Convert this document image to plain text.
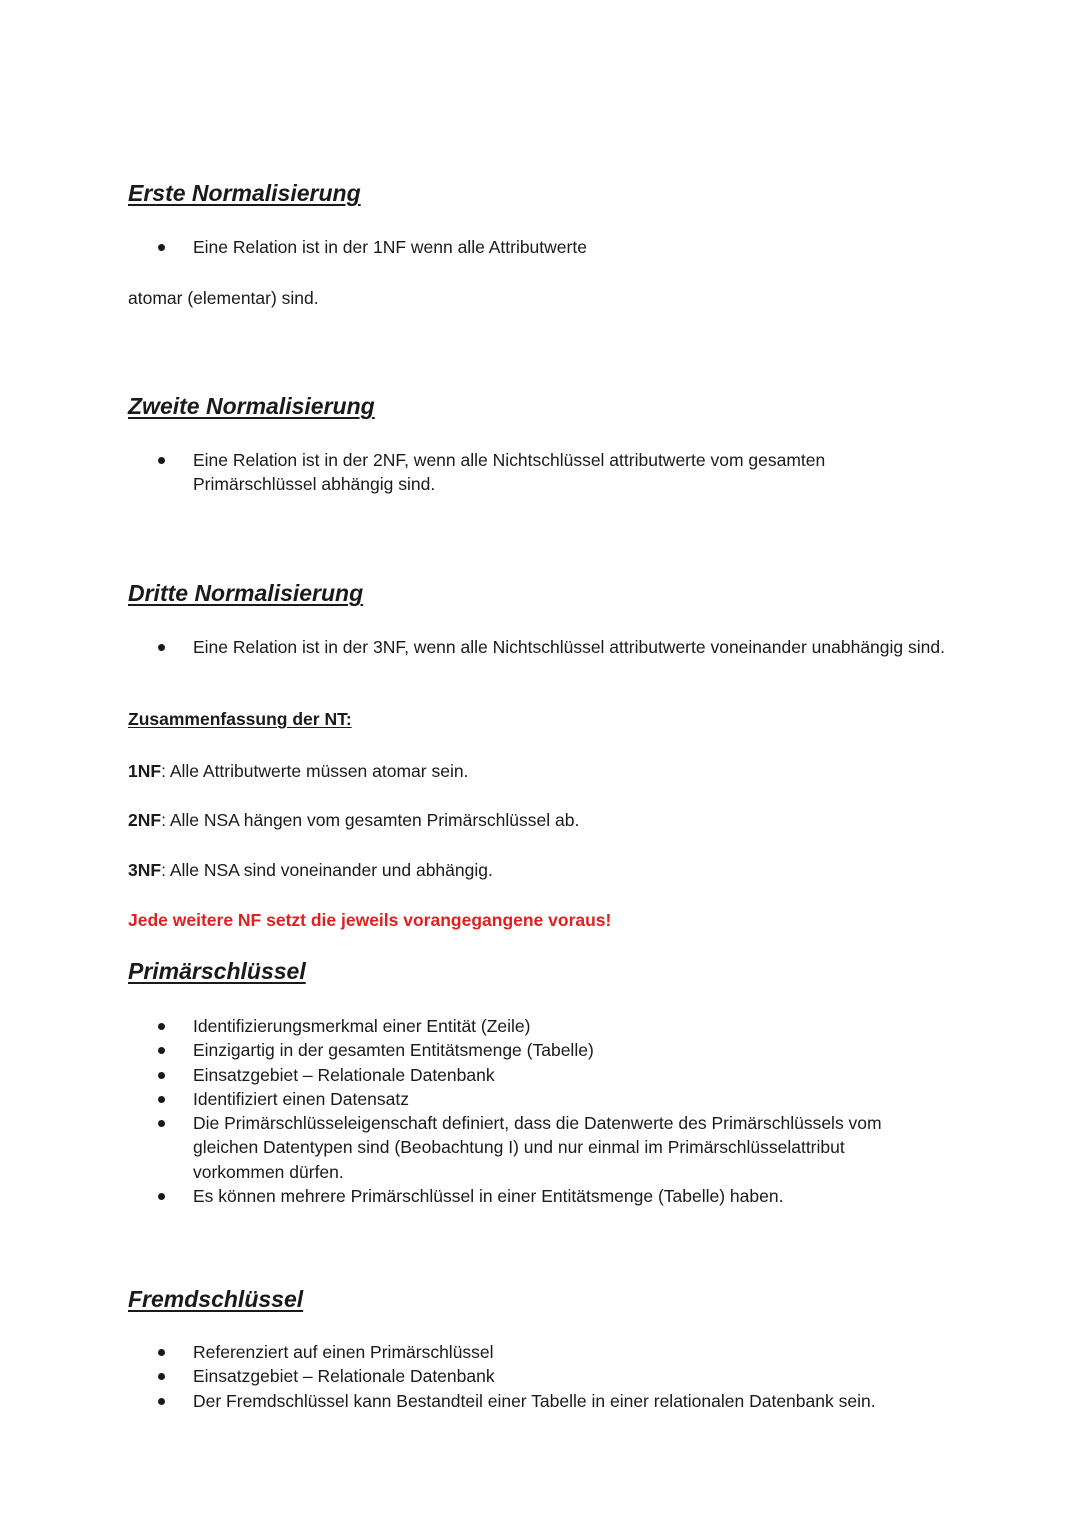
Erste Normalisierung
Eine Relation ist in der 1NF wenn alle Attributwerte

atomar (elementar) sind.

Zweite Normalisierung
Eine Relation ist in der 2NF, wenn alle Nichtschlüssel attributwerte vom gesamten Primärschlüssel abhängig sind.
Dritte Normalisierung
Eine Relation ist in der 3NF, wenn alle Nichtschlüssel attributwerte voneinander unabhängig sind.

Zusammenfassung der NT:

1NF: Alle Attributwerte müssen atomar sein.

2NF: Alle NSA hängen vom gesamten Primärschlüssel ab.

3NF: Alle NSA sind voneinander und abhängig.

Jede weitere NF setzt die jeweils vorangegangene voraus!

Primärschlüssel
Identifizierungsmerkmal einer Entität (Zeile)
Einzigartig in der gesamten Entitätsmenge (Tabelle)
Einsatzgebiet – Relationale Datenbank
Identifiziert einen Datensatz
Die Primärschlüsseleigenschaft definiert, dass die Datenwerte des Primärschlüssels vom gleichen Datentypen sind (Beobachtung I) und nur einmal im Primärschlüsselattribut vorkommen dürfen.
Es können mehrere Primärschlüssel in einer Entitätsmenge (Tabelle) haben.
Fremdschlüssel
Referenziert auf einen Primärschlüssel
Einsatzgebiet – Relationale Datenbank
Der Fremdschlüssel kann Bestandteil einer Tabelle in einer relationalen Datenbank sein.
